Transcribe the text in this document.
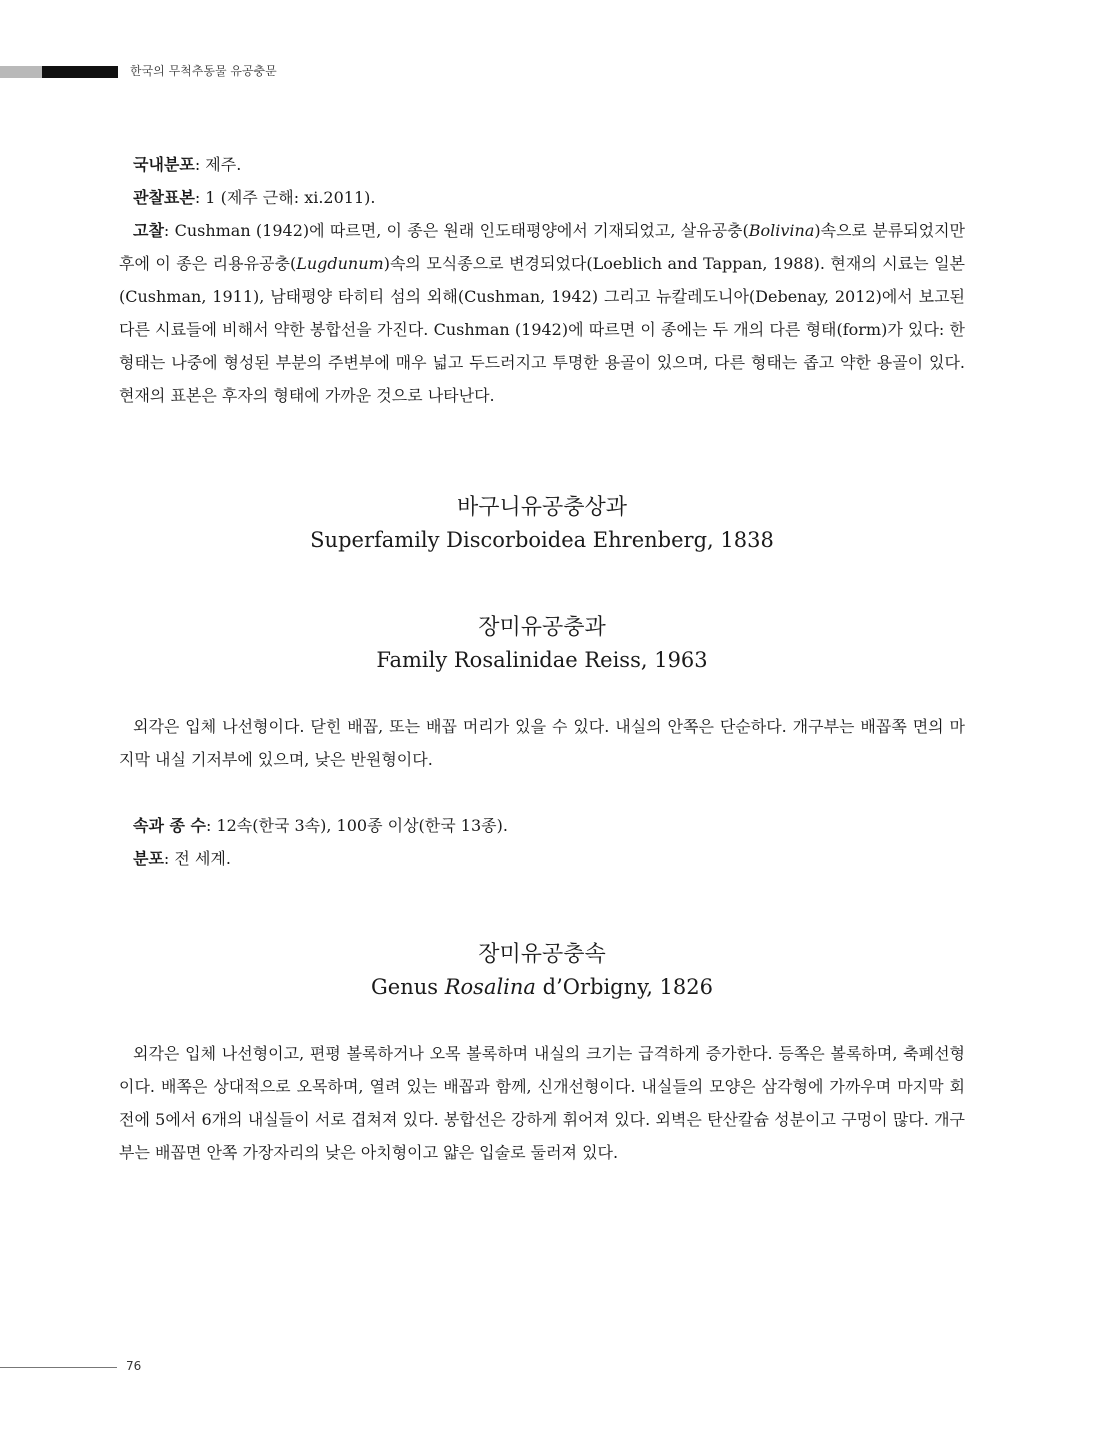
한국의 무척추동물 유공충문

국내분포: 제주.

관찰표본: 1 (제주 근해: xi.2011).

고찰: Cushman (1942)에 따르면, 이 종은 원래 인도태평양에서 기재되었고, 살유공충(Bolivina)속으로 분류되었지만 후에 이 종은 리용유공충(Lugdunum)속의 모식종으로 변경되었다(Loeblich and Tappan, 1988). 현재의 시료는 일본(Cushman, 1911), 남태평양 타히티 섬의 외해(Cushman, 1942) 그리고 뉴칼레도니아(Debenay, 2012)에서 보고된 다른 시료들에 비해서 약한 봉합선을 가진다. Cushman (1942)에 따르면 이 종에는 두 개의 다른 형태(form)가 있다: 한 형태는 나중에 형성된 부분의 주변부에 매우 넓고 두드러지고 투명한 용골이 있으며, 다른 형태는 좁고 약한 용골이 있다. 현재의 표본은 후자의 형태에 가까운 것으로 나타난다.

바구니유공충상과
Superfamily Discorboidea Ehrenberg, 1838
장미유공충과
Family Rosalinidae Reiss, 1963

외각은 입체 나선형이다. 닫힌 배꼽, 또는 배꼽 머리가 있을 수 있다. 내실의 안쪽은 단순하다. 개구부는 배꼽쪽 면의 마지막 내실 기저부에 있으며, 낮은 반원형이다.

속과 종 수: 12속(한국 3속), 100종 이상(한국 13종).

분포: 전 세계.

장미유공충속
Genus Rosalina d’Orbigny, 1826

외각은 입체 나선형이고, 편평 볼록하거나 오목 볼록하며 내실의 크기는 급격하게 증가한다. 등쪽은 볼록하며, 축폐선형이다. 배쪽은 상대적으로 오목하며, 열려 있는 배꼽과 함께, 신개선형이다. 내실들의 모양은 삼각형에 가까우며 마지막 회전에 5에서 6개의 내실들이 서로 겹쳐져 있다. 봉합선은 강하게 휘어져 있다. 외벽은 탄산칼슘 성분이고 구멍이 많다. 개구부는 배꼽면 안쪽 가장자리의 낮은 아치형이고 얇은 입술로 둘러져 있다.

76
